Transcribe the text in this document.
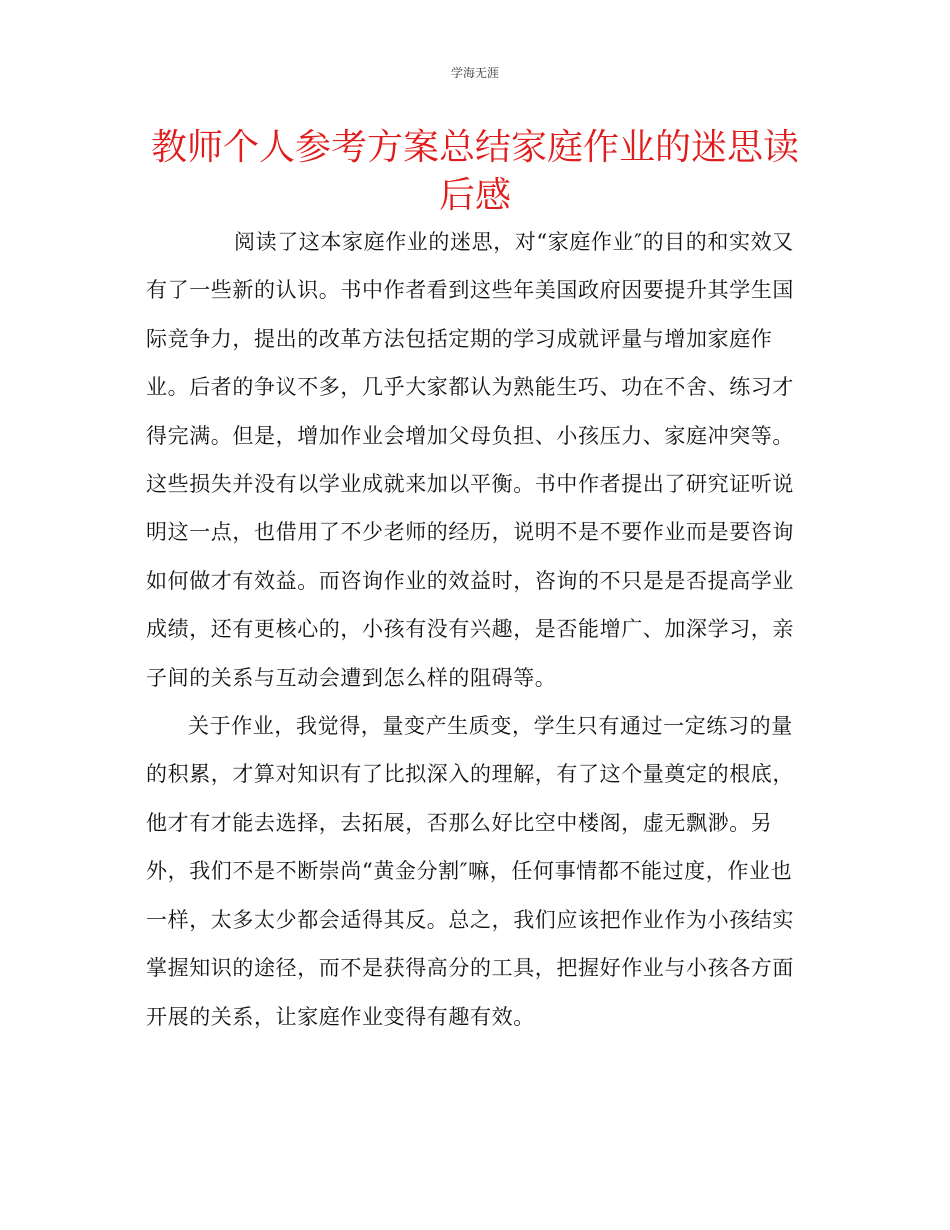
学海无涯
教师个人参考方案总结家庭作业的迷思读
后感

阅读了这本家庭作业的迷思，对“家庭作业″的目的和实效又
有了一些新的认识。书中作者看到这些年美国政府因要提升其学生国
际竞争力，提出的改革方法包括定期的学习成就评量与增加家庭作
业。后者的争议不多，几乎大家都认为熟能生巧、功在不舍、练习才
得完满。但是，增加作业会增加父母负担、小孩压力、家庭冲突等。
这些损失并没有以学业成就来加以平衡。书中作者提出了研究证听说
明这一点，也借用了不少老师的经历，说明不是不要作业而是要咨询
如何做才有效益。而咨询作业的效益时，咨询的不只是是否提高学业
成绩，还有更核心的，小孩有没有兴趣，是否能增广、加深学习，亲
子间的关系与互动会遭到怎么样的阻碍等。

关于作业，我觉得，量变产生质变，学生只有通过一定练习的量
的积累，才算对知识有了比拟深入的理解，有了这个量奠定的根底，
他才有才能去选择，去拓展，否那么好比空中楼阁，虚无飘渺。另
外，我们不是不断崇尚“黄金分割″嘛，任何事情都不能过度，作业也
一样，太多太少都会适得其反。总之，我们应该把作业作为小孩结实
掌握知识的途径，而不是获得高分的工具，把握好作业与小孩各方面
开展的关系，让家庭作业变得有趣有效。
